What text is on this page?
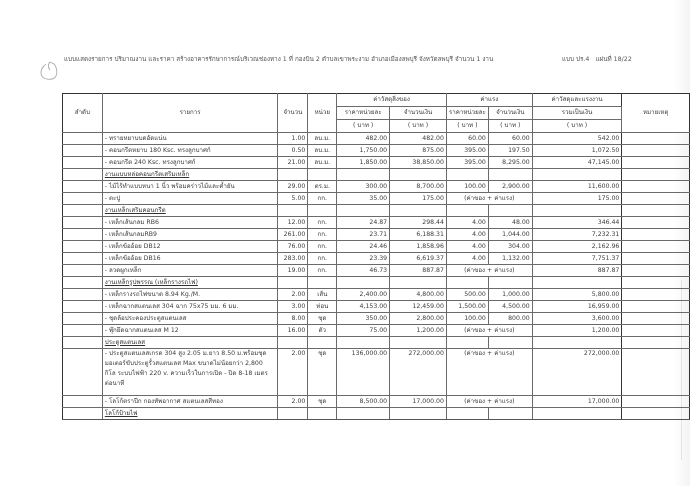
แบบแสดงรายการ ปริมาณงาน และราคา สร้างอาคารรักษาการณ์บริเวณช่องทาง 1 ที่ กองบิน 2 ตำบลเขาพระงาม อำเภอเมืองลพบุรี จังหวัดลพบุรี จำนวน 1 งาน	แบบ ปร.4 แผ่นที่ 18/22
ลำดับ	รายการ	จำนวน	หน่วย	ค่าวัสดุสิ่งของ		ค่าแรง		ค่าวัสดุและแรงงาน	หมายเหตุ
				ราคาหน่วยละ	จำนวนเงิน	ราคาหน่วยละ	จำนวนเงิน	รวมเป็นเงิน	
				( บาท )	( บาท )	( บาท )	( บาท )	( บาท )	
	- ทรายหยาบบดอัดแน่น	1.00	ลบ.ม.	482.00	482.00	60.00	60.00	542.00	
	- คอนกรีตหยาบ 180 Ksc. ทรงลูกบาศก์	0.50	ลบ.ม.	1,750.00	875.00	395.00	197.50	1,072.50	
	- คอนกรีต 240 Ksc. ทรงลูกบาศก์	21.00	ลบ.ม.	1,850.00	38,850.00	395.00	8,295.00	47,145.00	
	งานแบบหล่อคอนกรีตเสริมเหล็ก								
	- ไม้ไร้ทำแบบหนา 1 นิ้ว พร้อมคร่าวไม้และค้ำยัน	29.00	ตร.ม.	300.00	8,700.00	100.00	2,900.00	11,600.00	
	- ตะปู	5.00	กก.	35.00	175.00	(ค่าของ + ค่าแรง)		175.00	
	งานเหล็กเสริมคอนกรีต								
	- เหล็กเส้นกลม RB6	12.00	กก.	24.87	298.44	4.00	48.00	346.44	
	- เหล็กเส้นกลมRB9	261.00	กก.	23.71	6,188.31	4.00	1,044.00	7,232.31	
	- เหล็กข้ออ้อย DB12	76.00	กก.	24.46	1,858.96	4.00	304.00	2,162.96	
	- เหล็กข้ออ้อย DB16	283.00	กก.	23.39	6,619.37	4.00	1,132.00	7,751.37	
	- ลวดผูกเหล็ก	19.00	กก.	46.73	887.87	(ค่าของ + ค่าแรง)		887.87	
	งานเหล็กรูปพรรณ (เหล็กรางรถไฟ)								
	- เหล็กรางรถไฟขนาด 8.94 Kg./M.	2.00	เส้น	2,400.00	4,800.00	500.00	1,000.00	5,800.00	
	- เหล็กฉากสแตนเลส 304 ฉาก 75x75 มม. 6 มม.	3.00	ท่อน	4,153.00	12,459.00	1,500.00	4,500.00	16,959.00	
	- ชุดล้อประคองประตูสแตนเลส	8.00	ชุด	350.00	2,800.00	100.00	800.00	3,600.00	
	- พุ๊กยึดฉากสแตนเลส M 12	16.00	ตัว	75.00	1,200.00	(ค่าของ + ค่าแรง)		1,200.00	
	ประตูสแตนเลส								
	- ประตูสแตนเลสเกรด 304 สูง 2.05 ม.ยาว 8.50 ม.พร้อมชุดมอเตอร์ขับประตูรั้วสแตนเลส Max ขนาดไม่น้อยกว่า 2,800 กิโล ระบบไฟฟ้า 220 v. ความเร็วในการเปิด - ปิด 8-18 เมตรต่อนาที	2.00	ชุด	136,000.00	272,000.00	(ค่าของ + ค่าแรง)		272,000.00	
	- โลโก้ตราปีก กองทัพอากาศ สแตนเลสสีทอง	2.00	ชุด	8,500.00	17,000.00	(ค่าของ + ค่าแรง)		17,000.00	
	โลโก้ป้ายไฟ								
